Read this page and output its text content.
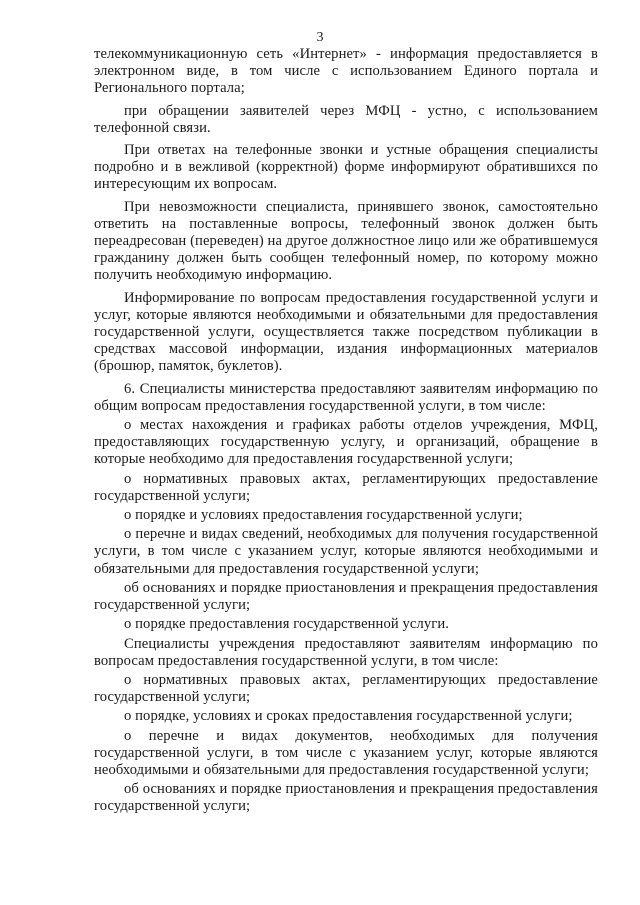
3

телекоммуникационную сеть «Интернет» - информация предоставляется в электронном виде, в том числе с использованием Единого портала и Регионального портала;

при обращении заявителей через МФЦ - устно, с использованием телефонной связи.

При ответах на телефонные звонки и устные обращения специалисты подробно и в вежливой (корректной) форме информируют обратившихся по интересующим их вопросам.

При невозможности специалиста, принявшего звонок, самостоятельно ответить на поставленные вопросы, телефонный звонок должен быть переадресован (переведен) на другое должностное лицо или же обратившемуся гражданину должен быть сообщен телефонный номер, по которому можно получить необходимую информацию.

Информирование по вопросам предоставления государственной услуги и услуг, которые являются необходимыми и обязательными для предоставления государственной услуги, осуществляется также посредством публикации в средствах массовой информации, издания информационных материалов (брошюр, памяток, буклетов).

6. Специалисты министерства предоставляют заявителям информацию по общим вопросам предоставления государственной услуги, в том числе:

о местах нахождения и графиках работы отделов учреждения, МФЦ, предоставляющих государственную услугу, и организаций, обращение в которые необходимо для предоставления государственной услуги;

о нормативных правовых актах, регламентирующих предоставление государственной услуги;

о порядке и условиях предоставления государственной услуги;

о перечне и видах сведений, необходимых для получения государственной услуги, в том числе с указанием услуг, которые являются необходимыми и обязательными для предоставления государственной услуги;

об основаниях и порядке приостановления и прекращения предоставления государственной услуги;

о порядке предоставления государственной услуги.

Специалисты учреждения предоставляют заявителям информацию по вопросам предоставления государственной услуги, в том числе:

о нормативных правовых актах, регламентирующих предоставление государственной услуги;

о порядке, условиях и сроках предоставления государственной услуги;

о перечне и видах документов, необходимых для получения государственной услуги, в том числе с указанием услуг, которые являются необходимыми и обязательными для предоставления государственной услуги;

об основаниях и порядке приостановления и прекращения предоставления государственной услуги;
